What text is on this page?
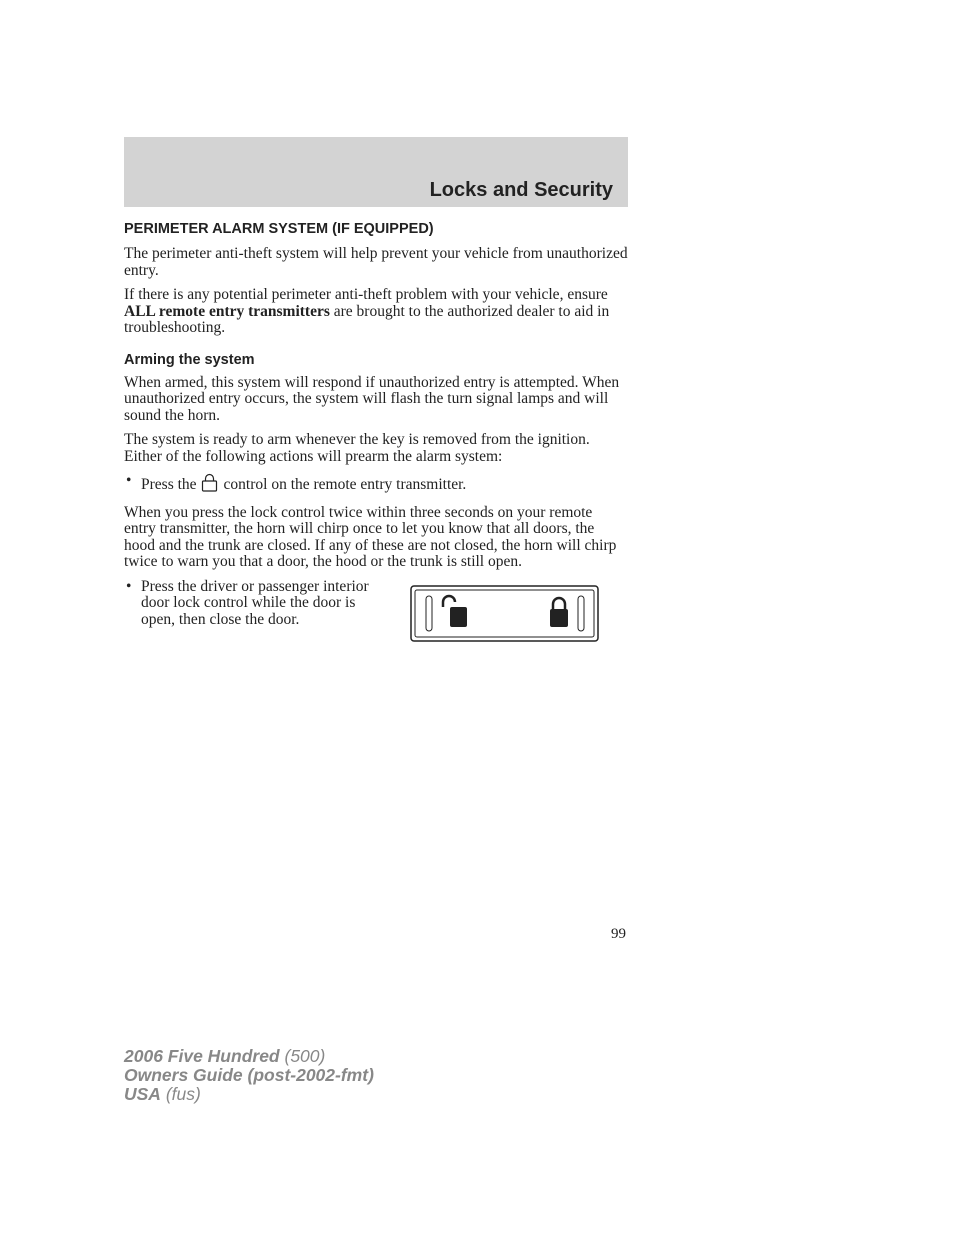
Locks and Security
PERIMETER ALARM SYSTEM (IF EQUIPPED)

The perimeter anti-theft system will help prevent your vehicle from unauthorized entry.

If there is any potential perimeter anti-theft problem with your vehicle, ensure ALL remote entry transmitters are brought to the authorized dealer to aid in troubleshooting.

Arming the system

When armed, this system will respond if unauthorized entry is attempted. When unauthorized entry occurs, the system will flash the turn signal lamps and will sound the horn.

The system is ready to arm whenever the key is removed from the ignition. Either of the following actions will prearm the alarm system:

• Press the control on the remote entry transmitter.

When you press the lock control twice within three seconds on your remote entry transmitter, the horn will chirp once to let you know that all doors, the hood and the trunk are closed. If any of these are not closed, the horn will chirp twice to warn you that a door, the hood or the trunk is still open.

• Press the driver or passenger interior door lock control while the door is open, then close the door.
99
2006 Five Hundred (500)
Owners Guide (post-2002-fmt)
USA (fus)
